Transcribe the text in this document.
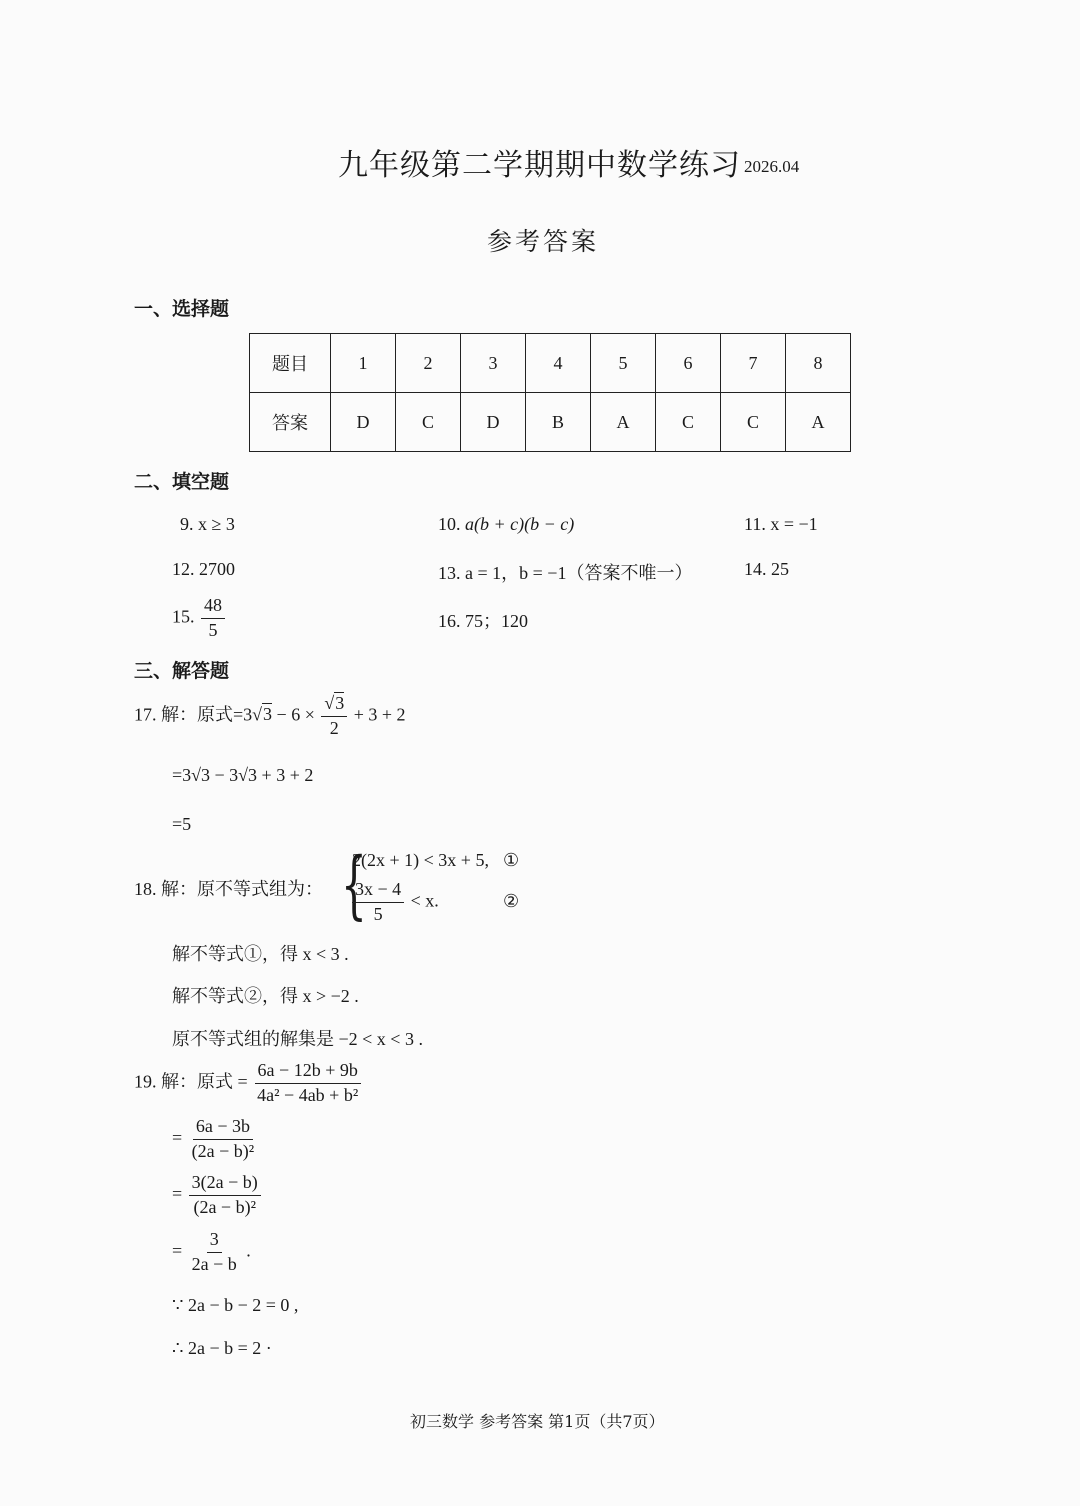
九年级第二学期期中数学练习 2026.04
参考答案
一、选择题
题目	1	2	3	4	5	6	7	8
答案	D	C	D	B	A	C	C	A
二、填空题
9. x ≥ 3	10. a(b + c)(b − c)	11. x = −1
12. 2700	13. a = 1，b = −1（答案不唯一）	14. 25
15. $\frac{48}{5}$	16. 75；120
三、解答题
17. 解：原式$=3√3 - 6 \times \frac{√3}{2} + 3 + 2$
=3√3 − 3√3 + 3 + 2
=5
18. 解：原不等式组为： {
2(2x + 1) < 3x + 5, ①
$\frac{3x - 4}{5} < x$.	②
解不等式①，得 x < 3 .
解不等式②，得 x > −2 .
原不等式组的解集是 −2 < x < 3 .
19. 解：原式 = $\frac{6a - 12b + 9b}{\text{4a² − 4ab + b²}}$
= $\frac{6a - 3b}{\text{(2a − b)²}}$
= $\frac{3(2a - b)}{\text{(2a − b)²}}$
= $\frac{3}{2a - b}$ .
∵ 2a − b − 2 = 0 ,
∴ 2a − b = 2 ·
初三数学 参考答案 第1页（共7页）
